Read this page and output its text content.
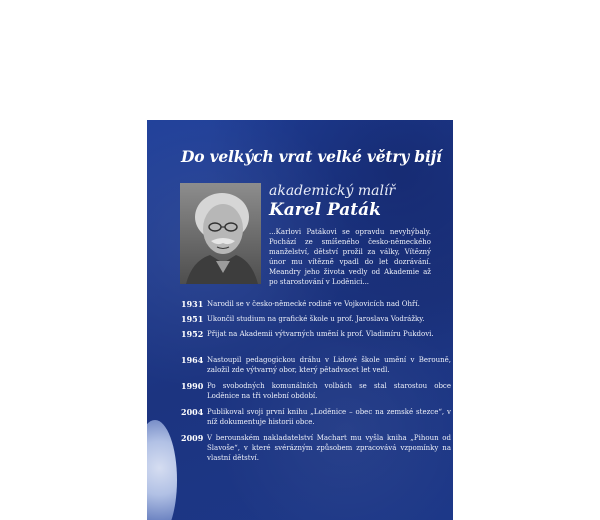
Do velkých vrat velké větry bijí
akademický malíř
Karel Paták
...Karlovi Patákovi se opravdu nevyhýbaly. Pochází ze smíšeného česko-německého manželství, dětství prožil za války, Vítězný únor mu vítězně vpadl do let dozrávání. Meandry jeho života vedly od Akademie až po starostování v Loděnici...
1931 Narodil se v česko-německé rodině ve Vojkovicích nad Ohří.
1951 Ukončil studium na grafické škole u prof. Jaroslava Vodrážky.
1952 Přijat na Akademii výtvarných umění k prof. Vladimíru Pukdovi.
1964 Nastoupil pedagogickou dráhu v Lidové škole umění v Berouně, založil zde výtvarný obor, který pětadvacet let vedl.
1990 Po svobodných komunálních volbách se stal starostou obce Loděnice na tři volební období.
2004 Publikoval svoji první knihu „Loděnice – obec na zemské stezce“, v níž dokumentuje historii obce.
2009 V berounském nakladatelství Machart mu vyšla kniha „Pihoun od Slavoše“, v které svérázným způsobem zpracovává vzpomínky na vlastní dětství.
